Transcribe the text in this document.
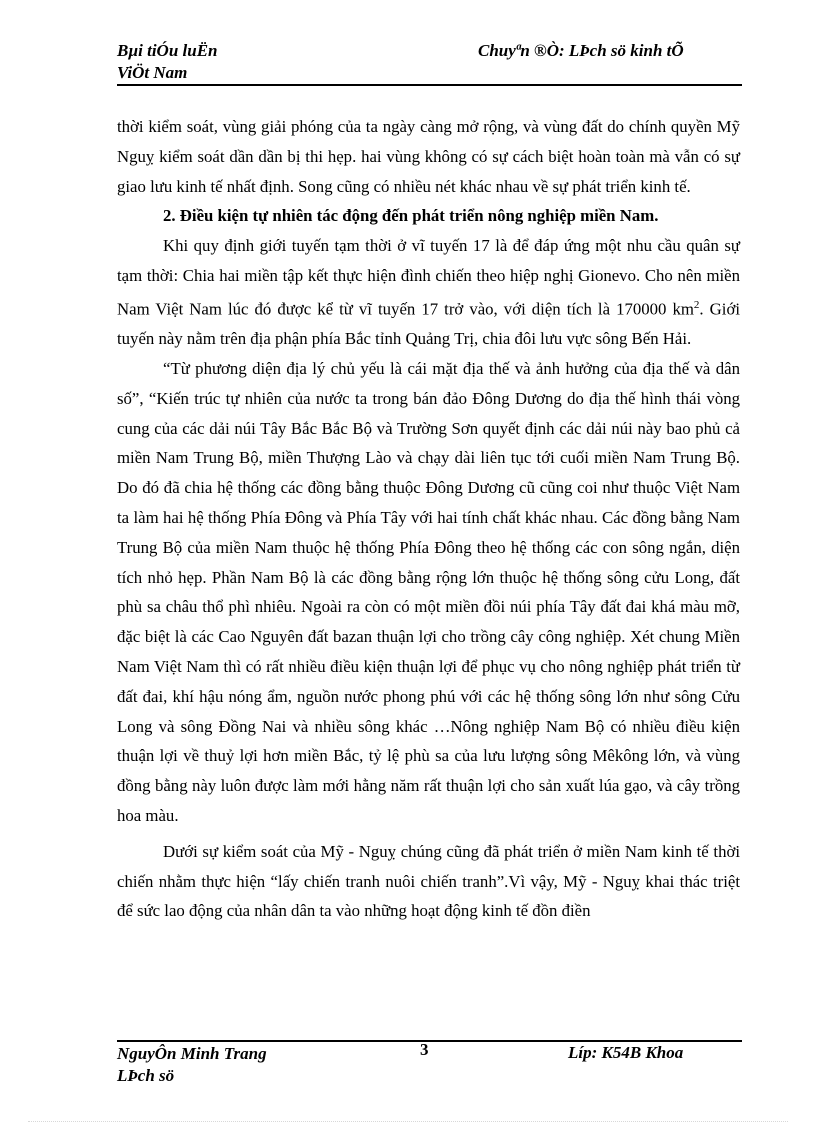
Bµi tiÓu luËn
ViÖt Nam
Chuyªn ®Ò: LÞch sö kinh tÕ

thời kiểm soát, vùng giải phóng của ta ngày càng mở rộng, và vùng đất do chính quyền Mỹ Nguỵ kiểm soát dần dần bị thi hẹp. hai vùng không có sự cách biệt hoàn toàn mà vẫn có sự giao lưu kinh tế nhất định. Song cũng có nhiều nét khác nhau về sự phát triển kinh tế.

2. Điều kiện tự nhiên tác động đến phát triển nông nghiệp miền Nam.

Khi quy định giới tuyến tạm thời ở vĩ tuyến 17 là để đáp ứng một nhu cầu quân sự tạm thời: Chia hai miền tập kết thực hiện đình chiến theo hiệp nghị Gionevo. Cho nên miền Nam Việt Nam lúc đó được kể từ vĩ tuyến 17 trở vào, với diện tích là 170000 $km^2$. Giới tuyến này nằm trên địa phận phía Bắc tỉnh Quảng Trị, chia đôi lưu vực sông Bến Hải.

“Từ phương diện địa lý chủ yếu là cái mặt địa thế và ảnh hưởng của địa thế và dân số”, “Kiến trúc tự nhiên của nước ta trong bán đảo Đông Dương do địa thế hình thái vòng cung của các dải núi Tây Bắc Bắc Bộ và Trường Sơn quyết định các dải núi này bao phủ cả miền Nam Trung Bộ, miền Thượng Lào và chạy dài liên tục tới cuối miền Nam Trung Bộ. Do đó đã chia hệ thống các đồng bằng thuộc Đông Dương cũ cũng coi như thuộc Việt Nam ta làm hai hệ thống Phía Đông và Phía Tây với hai tính chất khác nhau. Các đồng bằng Nam Trung Bộ của miền Nam thuộc hệ thống Phía Đông theo hệ thống các con sông ngắn, diện tích nhỏ hẹp. Phần Nam Bộ là các đồng bằng rộng lớn thuộc hệ thống sông cửu Long, đất phù sa châu thổ phì nhiêu. Ngoài ra còn có một miền đồi núi phía Tây đất đai khá màu mỡ, đặc biệt là các Cao Nguyên đất bazan thuận lợi cho trồng cây công nghiệp. Xét chung Miền Nam Việt Nam thì có rất nhiều điều kiện thuận lợi để phục vụ cho nông nghiệp phát triển từ đất đai, khí hậu nóng ẩm, nguồn nước phong phú với các hệ thống sông lớn như sông Cửu Long và sông Đồng Nai và nhiều sông khác …Nông nghiệp Nam Bộ có nhiều điều kiện thuận lợi về thuỷ lợi hơn miền Bắc, tỷ lệ phù sa của lưu lượng sông Mêkông lớn, và vùng đồng bằng này luôn được làm mới hằng năm rất thuận lợi cho sản xuất lúa gạo, và cây trồng hoa màu.

Dưới sự kiểm soát của Mỹ - Nguỵ chúng cũng đã phát triển ở miền Nam kinh tế thời chiến nhằm thực hiện “lấy chiến tranh nuôi chiến tranh”.Vì vậy, Mỹ - Nguỵ khai thác triệt để sức lao động của nhân dân ta vào những hoạt động kinh tế đồn điền

NguyÔn Minh Trang
LÞch sö
3	Líp: K54B Khoa
